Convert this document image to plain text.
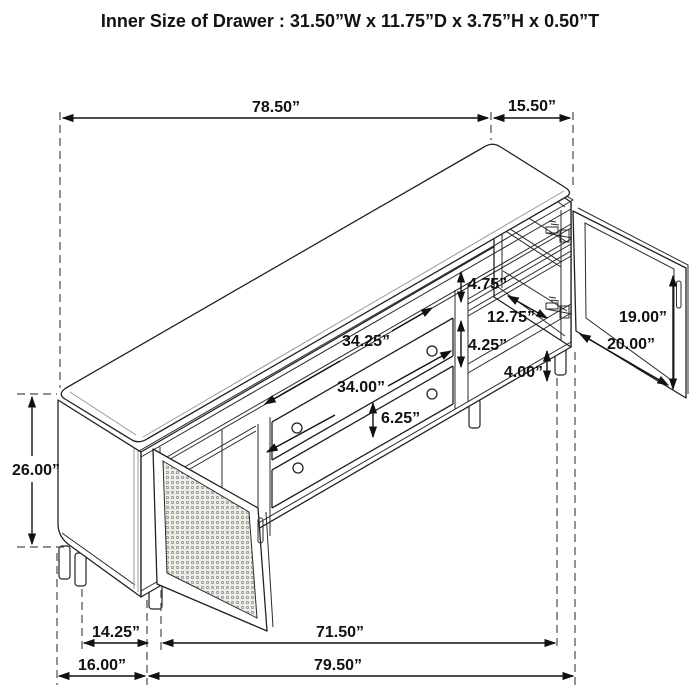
Inner Size of Drawer : 31.50”W x 11.75”D x 3.75”H x 0.50”T
78.50”	15.50”
26.00”
4.75”
12.75”
4.25”
4.00”
34.25”
34.00”
6.25”
19.00”
20.00”
14.25”	71.50”
16.00”	79.50”
